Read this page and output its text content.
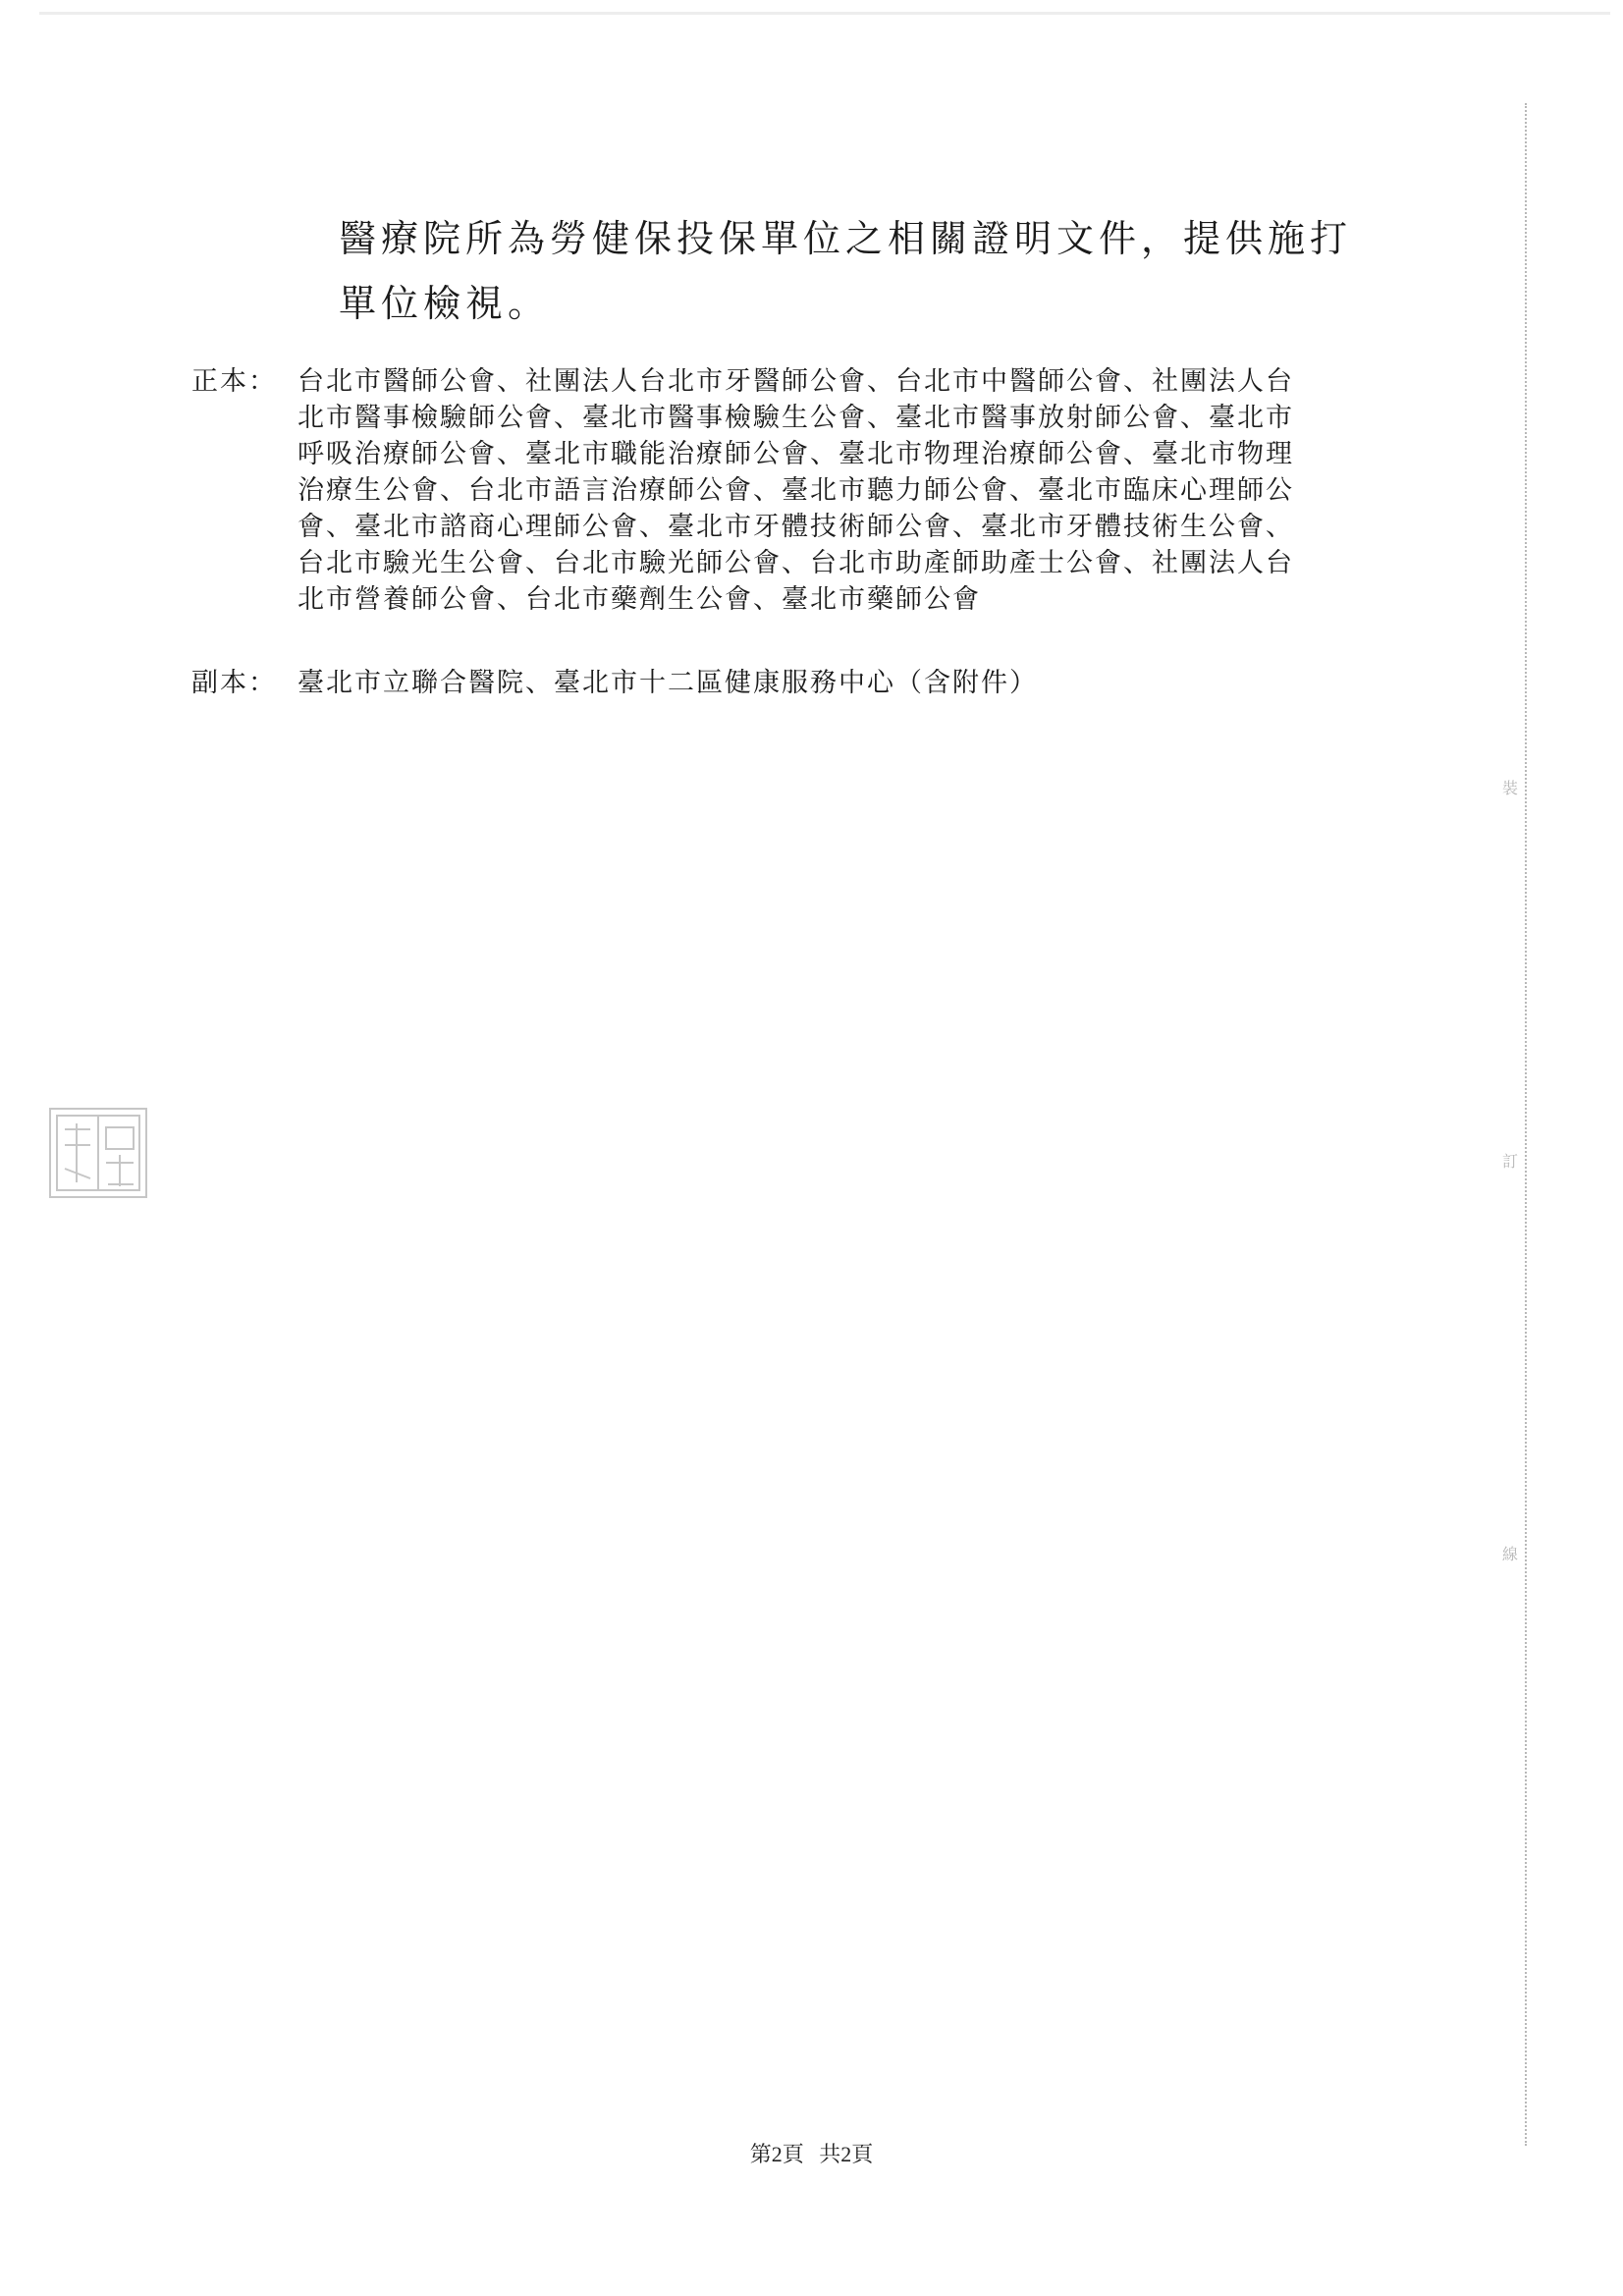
醫療院所為勞健保投保單位之相關證明文件，提供施打
單位檢視。
正本： 台北市醫師公會、社團法人台北市牙醫師公會、台北市中醫師公會、社團法人台
北市醫事檢驗師公會、臺北市醫事檢驗生公會、臺北市醫事放射師公會、臺北市
呼吸治療師公會、臺北市職能治療師公會、臺北市物理治療師公會、臺北市物理
治療生公會、台北市語言治療師公會、臺北市聽力師公會、臺北市臨床心理師公
會、臺北市諮商心理師公會、臺北市牙體技術師公會、臺北市牙體技術生公會、
台北市驗光生公會、台北市驗光師公會、台北市助產師助產士公會、社團法人台
北市營養師公會、台北市藥劑生公會、臺北市藥師公會
副本： 臺北市立聯合醫院、臺北市十二區健康服務中心（含附件）
裝
訂
線
第2頁 共2頁
